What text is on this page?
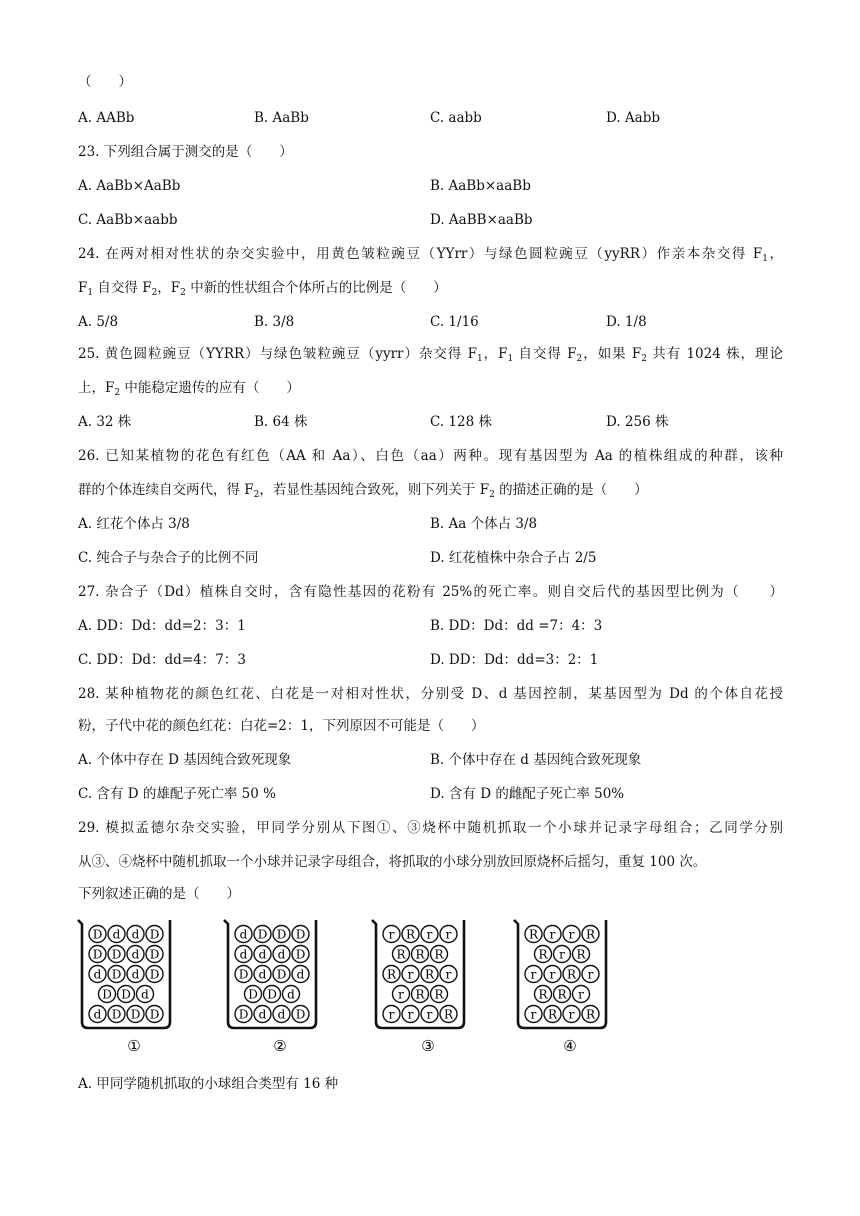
（　　）
A. AABb	B. AaBb	C. aabb	D. Aabb
23. 下列组合属于测交的是（　　）
A. AaBb×AaBb	B. AaBb×aaBb
C. AaBb×aabb	D. AaBB×aaBb
24. 在两对相对性状的杂交实验中，用黄色皱粒豌豆（YYrr）与绿色圆粒豌豆（yyRR）作亲本杂交得 $F_1$，
$F_1$ 自交得 $F_2$，$F_2$ 中新的性状组合个体所占的比例是（　　）
A. 5/8	B. 3/8	C. 1/16	D. 1/8
25. 黄色圆粒豌豆（YYRR）与绿色皱粒豌豆（yyrr）杂交得 $F_1$，$F_1$ 自交得 $F_2$，如果 $F_2$ 共有 1024 株，理论
上，$F_2$ 中能稳定遗传的应有（　　）
A. 32 株	B. 64 株	C. 128 株	D. 256 株
26. 已知某植物的花色有红色（AA 和 Aa）、白色（aa）两种。现有基因型为 Aa 的植株组成的种群，该种
群的个体连续自交两代，得 $F_2$，若显性基因纯合致死，则下列关于 $F_2$ 的描述正确的是（　　）
A. 红花个体占 3/8	B. Aa 个体占 3/8
C. 纯合子与杂合子的比例不同	D. 红花植株中杂合子占 2/5
27. 杂合子（Dd）植株自交时，含有隐性基因的花粉有 25%的死亡率。则自交后代的基因型比例为（　　）
A. DD：Dd：dd=2：3：1	B. DD：Dd：dd =7：4：3
C. DD：Dd：dd=4：7：3	D. DD：Dd：dd=3：2：1
28. 某种植物花的颜色红花、白花是一对相对性状，分别受 D、d 基因控制，某基因型为 Dd 的个体自花授
粉，子代中花的颜色红花：白花=2：1，下列原因不可能是（　　）
A. 个体中存在 D 基因纯合致死现象	B. 个体中存在 d 基因纯合致死现象
C. 含有 D 的雄配子死亡率 50 %	D. 含有 D 的雌配子死亡率 50%
29. 模拟孟德尔杂交实验，甲同学分别从下图①、③烧杯中随机抓取一个小球并记录字母组合；乙同学分别
从③、④烧杯中随机抓取一个小球并记录字母组合，将抓取的小球分别放回原烧杯后摇匀，重复 100 次。
下列叙述正确的是（　　）
D d d D
D D d D
d D d D
D D d
d D D D
①
d D D D
d d d D
D d D d
D D d
D d d D
②
r R r r
R R R
R r R r
r R R
r r r R
③
R r r R
R r R
r r R r
R R r
r R r R
④
A. 甲同学随机抓取的小球组合类型有 16 种
